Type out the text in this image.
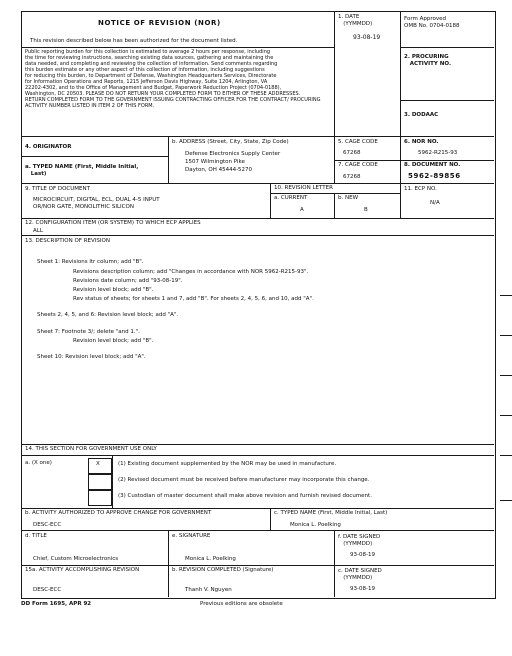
NOTICE OF REVISION (NOR)
This revision described below has been authorized for the document listed.
Public reporting burden for this collection is estimated to average 2 hours per response, including
the time for reviewing instructions, searching existing data sources, gathering and maintaining the
data needed, and completing and reviewing the collection of information. Send comments regarding
this burden estimate or any other aspect of this collection of information, including suggestions
for reducing this burden, to Department of Defense, Washington Headquarters Services, Directorate
for Information Operations and Reports, 1215 Jefferson Davis Highway, Suite 1204, Arlington, VA
22202-4302, and to the Office of Management and Budget, Paperwork Reduction Project (0704-0188),
Washington, DC 20503. PLEASE DO NOT RETURN YOUR COMPLETED FORM TO EITHER OF THESE ADDRESSES.
RETURN COMPLETED FORM TO THE GOVERNMENT ISSUING CONTRACTING OFFICER FOR THE CONTRACT/ PROCURING
ACTIVITY NUMBER LISTED IN ITEM 2 OF THIS FORM.
1. DATE
(YYMMDD)
93-08-19
Form Approved
OMB No. 0704-0188
2. PROCURING
ACTIVITY NO.
3. DODAAC
4. ORIGINATOR
a. TYPED NAME (First, Middle Initial,
Last)
b. ADDRESS (Street, City, State, Zip Code)
Defense Electronics Supply Center
1507 Wilmington Pike
Dayton, OH 45444-5270
5. CAGE CODE
67268
6. NOR NO.
5962-R215-93
7. CAGE CODE
67268
8. DOCUMENT NO.
5962-89856
9. TITLE OF DOCUMENT
MICROCIRCUIT, DIGITAL, ECL, DUAL 4-5 INPUT
OR/NOR GATE, MONOLITHIC SILICON
10. REVISION LETTER
a. CURRENT
A
b. NEW
B
11. ECP NO.
N/A
12. CONFIGURATION ITEM (OR SYSTEM) TO WHICH ECP APPLIES
ALL
13. DESCRIPTION OF REVISION
Sheet 1: Revisions ltr column; add "B".
Revisions description column; add "Changes in accordance with NOR 5962-R215-93".
Revisions date column; add "93-08-19".
Revision level block; add "B".
Rev status of sheets; for sheets 1 and 7, add "B". For sheets 2, 4, 5, 6, and 10, add "A".
Sheets 2, 4, 5, and 6: Revision level block; add "A".
Sheet 7: Footnote 3/; delete "and 1.".
Revision level block; add "B".
Sheet 10: Revision level block; add "A".
14. THIS SECTION FOR GOVERNMENT USE ONLY
a. (X one)	X	(1) Existing document supplemented by the NOR may be used in manufacture.
(2) Revised document must be received before manufacturer may incorporate this change.
(3) Custodian of master document shall make above revision and furnish revised document.
b. ACTIVITY AUTHORIZED TO APPROVE CHANGE FOR GOVERNMENT
DESC-ECC
c. TYPED NAME (First, Middle Initial, Last)
Monica L. Poelking
d. TITLE
Chief, Custom Microelectronics
e. SIGNATURE
Monica L. Poelking
f. DATE SIGNED
(YYMMDD)
93-08-19
15a. ACTIVITY ACCOMPLISHING REVISION
DESC-ECC
b. REVISION COMPLETED (Signature)
Thanh V. Nguyen
c. DATE SIGNED
(YYMMDD)
93-08-19
DD Form 1695, APR 92	Previous editions are obsolete
